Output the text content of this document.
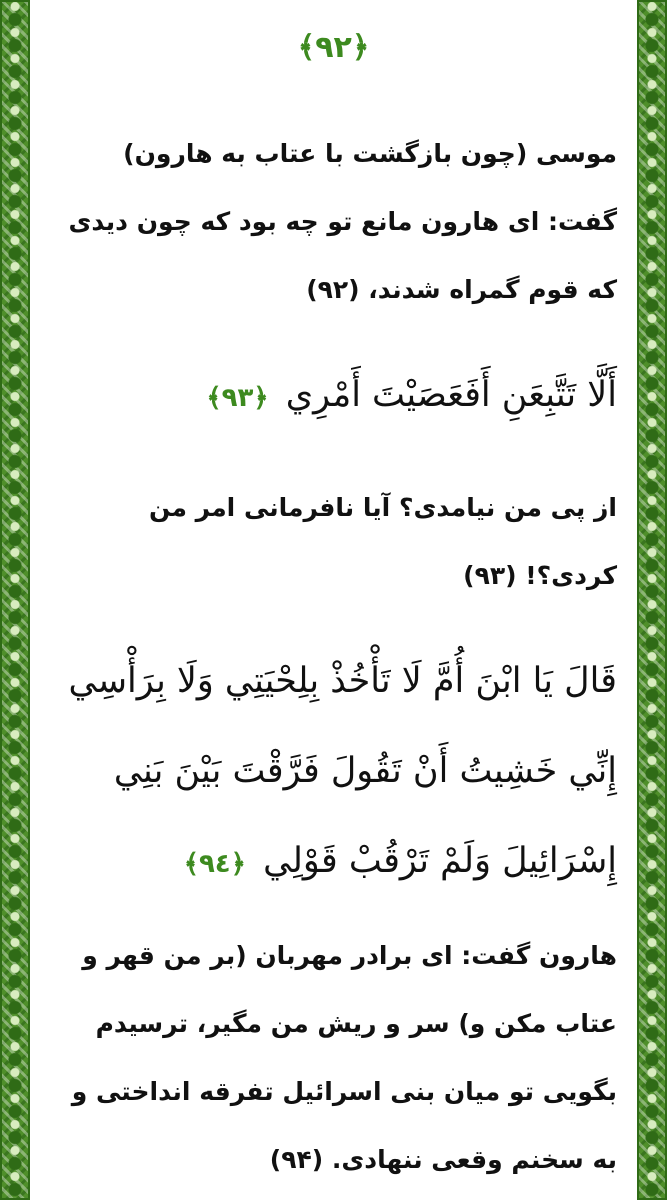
﴿٩٢﴾
موسی (چون بازگشت با عتاب به هارون) گفت: ای هارون مانع تو چه بود که چون دیدی که قوم گمراه شدند، (۹۲)
أَلَّا تَتَّبِعَنِ أَفَعَصَيْتَ أَمْرِي ﴿٩٣﴾
از پی من نیامدی؟ آیا نافرمانی امر من کردی؟! (۹۳)
قَالَ يَا ابْنَ أُمَّ لَا تَأْخُذْ بِلِحْيَتِي وَلَا بِرَأْسِي إِنِّي خَشِيتُ أَنْ تَقُولَ فَرَّقْتَ بَيْنَ بَنِي إِسْرَائِيلَ وَلَمْ تَرْقُبْ قَوْلِي ﴿٩٤﴾
هارون گفت: ای برادر مهربان (بر من قهر و عتاب مکن و) سر و ریش من مگیر، ترسیدم بگویی تو میان بنی اسرائیل تفرقه انداختی و به سخنم وقعی ننهادی. (۹۴)
